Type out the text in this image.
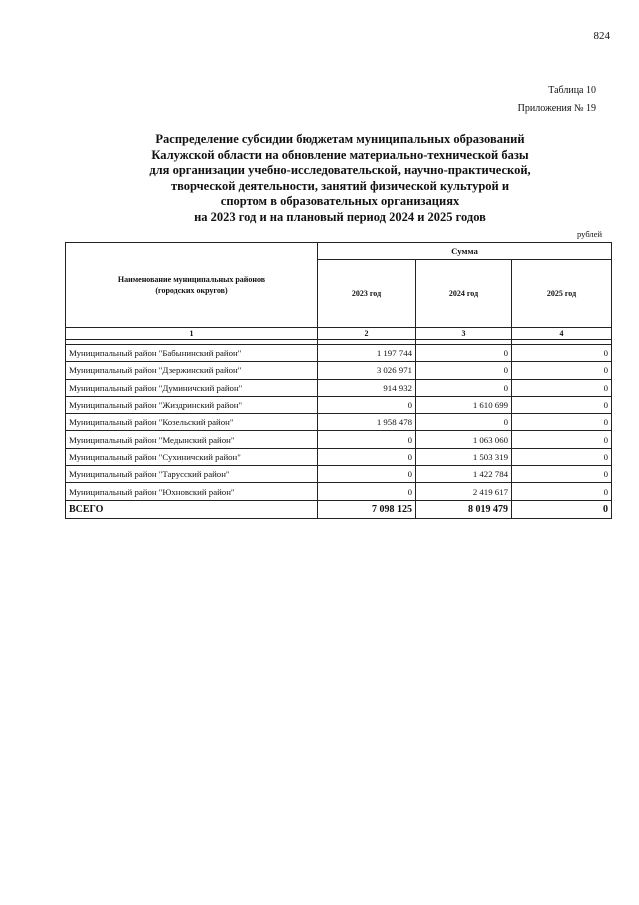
824
Таблица 10
Приложения № 19
Распределение субсидии бюджетам муниципальных образований
Калужской области на обновление материально-технической базы
для организации учебно-исследовательской, научно-практической,
творческой деятельности, занятий физической культурой и
спортом в образовательных организациях
на 2023 год и на плановый период 2024 и 2025 годов
рублей
Наименование муниципальных районов
(городских округов)	Сумма		
	2023 год	2024 год	2025 год
1	2	3	4

Муниципальный район "Бабынинский район"	1 197 744	0	0
Муниципальный район "Дзержинский район"	3 026 971	0	0
Муниципальный район "Думиничский район"	914 932	0	0
Муниципальный район "Жиздринский район"	0	1 610 699	0
Муниципальный район "Козельский район"	1 958 478	0	0
Муниципальный район "Медынский район"	0	1 063 060	0
Муниципальный район "Сухиничский район"	0	1 503 319	0
Муниципальный район "Тарусский район"	0	1 422 784	0
Муниципальный район "Юхновский район"	0	2 419 617	0
ВСЕГО	7 098 125	8 019 479	0
